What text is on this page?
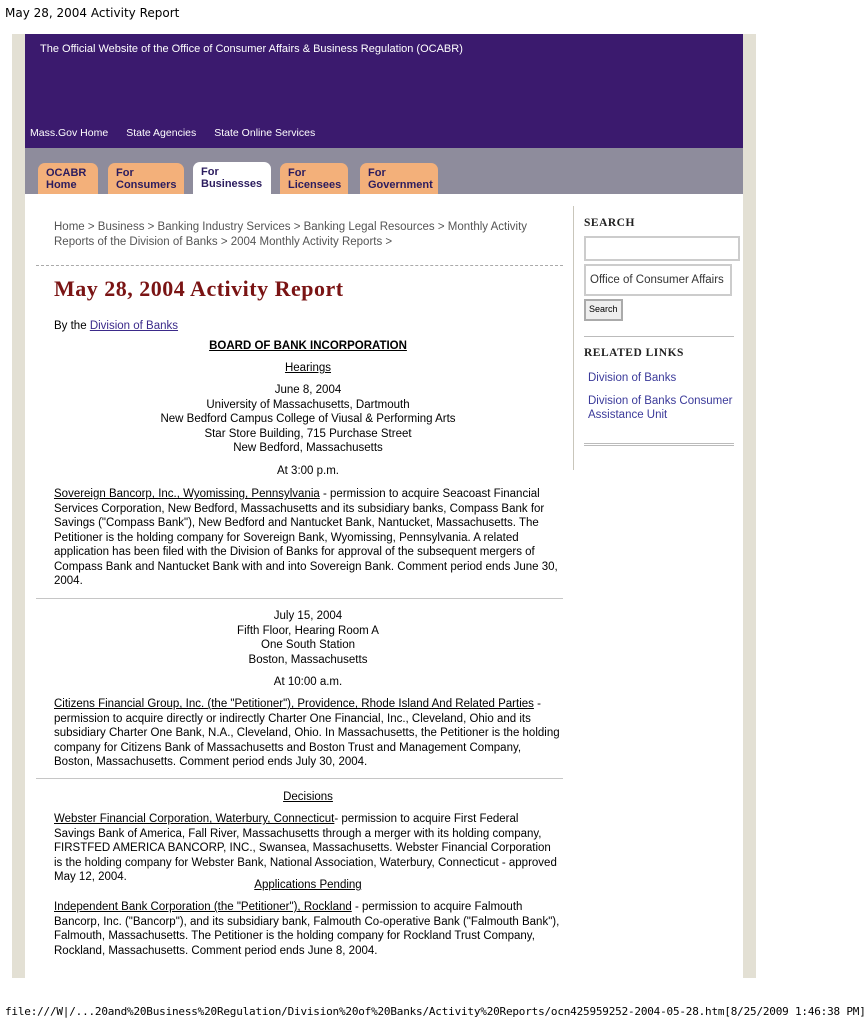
May 28, 2004 Activity Report
The Official Website of the Office of Consumer Affairs & Business Regulation (OCABR)
Mass.Gov Home State Agencies State Online Services
OCABR
Home
For
Consumers
For
Businesses
For
Licensees
For
Government
Home > Business > Banking Industry Services > Banking Legal Resources > Monthly Activity Reports of the Division of Banks > 2004 Monthly Activity Reports >
May 28, 2004 Activity Report
By the Division of Banks
BOARD OF BANK INCORPORATION
Hearings
June 8, 2004
University of Massachusetts, Dartmouth
New Bedford Campus College of Viusal & Performing Arts
Star Store Building, 715 Purchase Street
New Bedford, Massachusetts
At 3:00 p.m.
Sovereign Bancorp, Inc., Wyomissing, Pennsylvania - permission to acquire Seacoast Financial Services Corporation, New Bedford, Massachusetts and its subsidiary banks, Compass Bank for Savings ("Compass Bank"), New Bedford and Nantucket Bank, Nantucket, Massachusetts. The Petitioner is the holding company for Sovereign Bank, Wyomissing, Pennsylvania. A related application has been filed with the Division of Banks for approval of the subsequent mergers of Compass Bank and Nantucket Bank with and into Sovereign Bank. Comment period ends June 30, 2004.
July 15, 2004
Fifth Floor, Hearing Room A
One South Station
Boston, Massachusetts
At 10:00 a.m.
Citizens Financial Group, Inc. (the "Petitioner"), Providence, Rhode Island And Related Parties - permission to acquire directly or indirectly Charter One Financial, Inc., Cleveland, Ohio and its subsidiary Charter One Bank, N.A., Cleveland, Ohio. In Massachusetts, the Petitioner is the holding company for Citizens Bank of Massachusetts and Boston Trust and Management Company, Boston, Massachusetts. Comment period ends July 30, 2004.
Decisions
Webster Financial Corporation, Waterbury, Connecticut- permission to acquire First Federal Savings Bank of America, Fall River, Massachusetts through a merger with its holding company, FIRSTFED AMERICA BANCORP, INC., Swansea, Massachusetts. Webster Financial Corporation is the holding company for Webster Bank, National Association, Waterbury, Connecticut - approved May 12, 2004.
Applications Pending
Independent Bank Corporation (the "Petitioner"), Rockland - permission to acquire Falmouth Bancorp, Inc. ("Bancorp"), and its subsidiary bank, Falmouth Co-operative Bank ("Falmouth Bank"), Falmouth, Massachusetts. The Petitioner is the holding company for Rockland Trust Company, Rockland, Massachusetts. Comment period ends June 8, 2004.
SEARCH
Office of Consumer Affairs
Search
RELATED LINKS
Division of Banks
Division of Banks Consumer Assistance Unit
file:///W|/...20and%20Business%20Regulation/Division%20of%20Banks/Activity%20Reports/ocn425959252-2004-05-28.htm[8/25/2009 1:46:38 PM]
